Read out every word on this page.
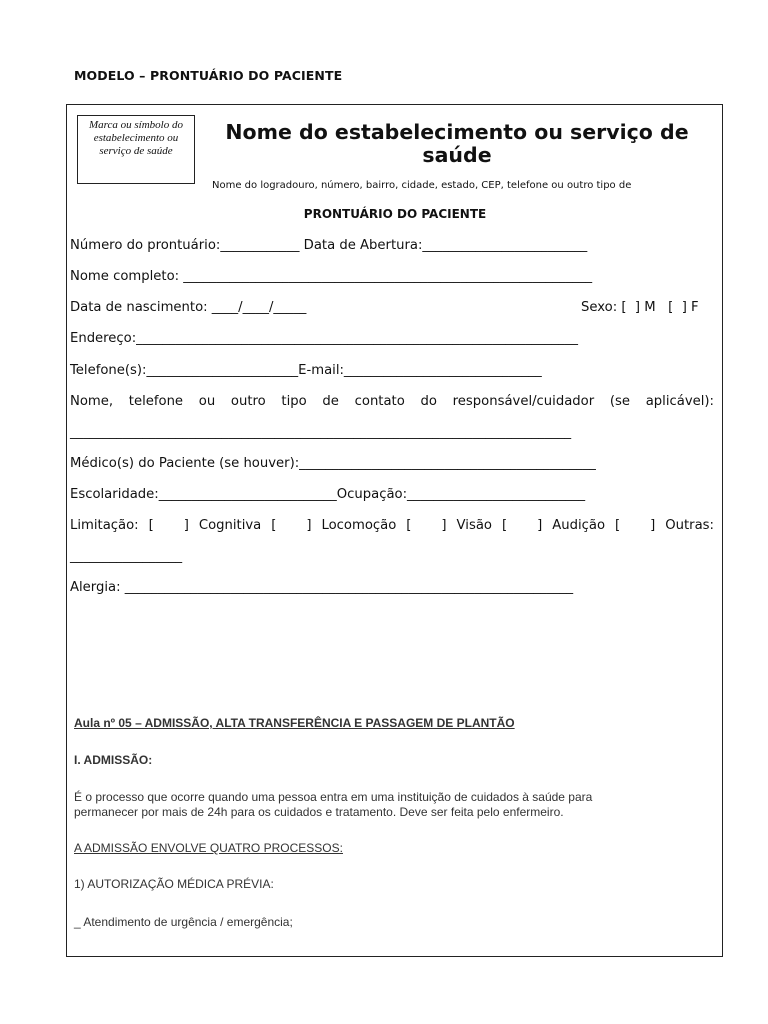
MODELO – PRONTUÁRIO DO PACIENTE
Marca ou símbolo do estabelecimento ou serviço de saúde
Nome do estabelecimento ou serviço de saúde
Nome do logradouro, número, bairro, cidade, estado, CEP, telefone ou outro tipo de
PRONTUÁRIO DO PACIENTE
Número do prontuário:____________ Data de Abertura:_________________________
Nome completo: ______________________________________________________________
Data de nascimento: ____/____/_____	Sexo: [  ] M   [  ] F
Endereço:___________________________________________________________________
Telefone(s):_______________________E-mail:______________________________
Nome, telefone ou outro tipo de contato do responsável/cuidador (se aplicável):
____________________________________________________________________________
Médico(s) do Paciente (se houver):_____________________________________________
Escolaridade:___________________________Ocupação:___________________________
Limitação: [   ] Cognitiva [   ] Locomoção [   ] Visão [   ] Audição [   ] Outras:
_________________
Alergia: ____________________________________________________________________
Aula nº 05 – ADMISSÃO, ALTA TRANSFERÊNCIA E PASSAGEM DE PLANTÃO
I. ADMISSÃO:
É o processo que ocorre quando uma pessoa entra em uma instituição de cuidados à saúde para
permanecer por mais de 24h para os cuidados e tratamento. Deve ser feita pelo enfermeiro.
A ADMISSÃO ENVOLVE QUATRO PROCESSOS:
1) AUTORIZAÇÃO MÉDICA PRÉVIA:
_ Atendimento de urgência / emergência;
